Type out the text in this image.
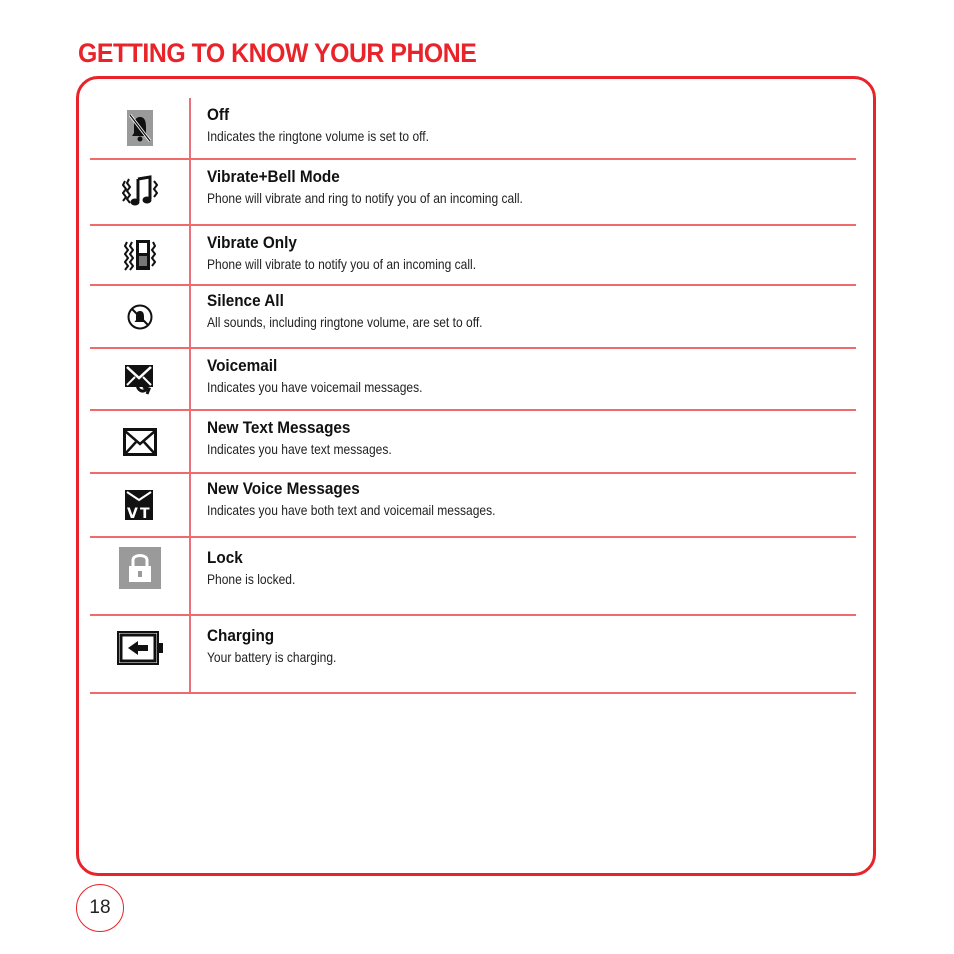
GETTING TO KNOW YOUR PHONE
Off
Indicates the ringtone volume is set to off.
Vibrate+Bell Mode
Phone will vibrate and ring to notify you of an incoming call.
Vibrate Only
Phone will vibrate to notify you of an incoming call.
Silence All
All sounds, including ringtone volume, are set to off.
Voicemail
Indicates you have voicemail messages.
New Text Messages
Indicates you have text messages.
V T
New Voice Messages
Indicates you have both text and voicemail messages.
Lock
Phone is locked.
Charging
Your battery is charging.
18
